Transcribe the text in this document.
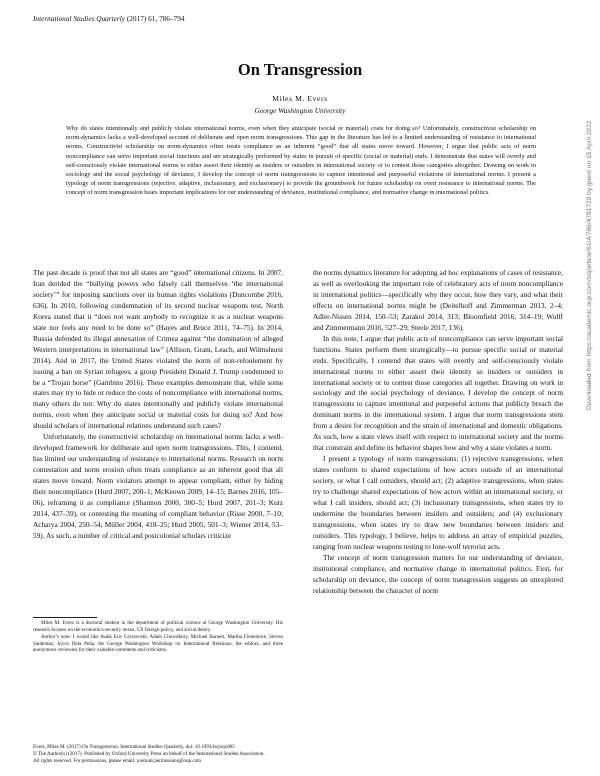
International Studies Quarterly (2017) 61, 786–794
On Transgression
Miles M. Evers
George Washington University
Why do states intentionally and publicly violate international norms, even when they anticipate (social or material) costs for doing so? Unfortunately, constructivist scholarship on norm-dynamics lacks a well-developed account of deliberate and open norm transgressions. This gap in the literature has led to a limited understanding of resistance to international norms. Constructivist scholarship on norm-dynamics often treats compliance as an inherent “good” that all states move toward. However, I argue that public acts of norm noncompliance can serve important social functions and are strategically performed by states in pursuit of specific (social or material) ends. I demonstrate that states will overtly and self-consciously violate international norms to either assert their identity as insiders or outsiders in international society or to contest those categories altogether. Drawing on work in sociology and the social psychology of deviance, I develop the concept of norm transgressions to capture intentional and purposeful violations of international norms. I present a typology of norm transgressions (rejective, adaptive, inclusionary, and exclusionary) to provide the groundwork for future scholarship on overt resistance to international norms. The concept of norm transgression bears important implications for our understanding of deviance, institutional compliance, and normative change in international politics.

The past decade is proof that not all states are “good” international citizens. In 2007, Iran derided the “bullying powers who falsely call themselves ‘the international society’” for imposing sanctions over its human rights violations (Duncombe 2016, 636). In 2010, following condemnation of its second nuclear weapons test, North Korea stated that it “does not want anybody to recognize it as a nuclear weapons state nor feels any need to be done so” (Hayes and Bruce 2011, 74–75). In 2014, Russia defended its illegal annexation of Crimea against “the domination of alleged Western interpretations in international law” (Allison, Grant, Leach, and Wilmshurst 2014). And in 2017, the United States violated the norm of non-refoulement by issuing a ban on Syrian refugees, a group President Donald J. Trump condemned to be a “Trojan horse” (Gambino 2016). These examples demonstrate that, while some states may try to hide or reduce the costs of noncompliance with international norms, many others do not. Why do states intentionally and publicly violate international norms, even when they anticipate social or material costs for doing so? And how should scholars of international relations understand such cases?

Unfortunately, the constructivist scholarship on international norms lacks a well-developed framework for deliberate and open norm transgressions. This, I contend, has limited our understanding of resistance to international norms. Research on norm contestation and norm erosion often treats compliance as an inherent good that all states move toward. Norm violators attempt to appear compliant, either by hiding their noncompliance (Hurd 2007, 200–1; McKeown 2009, 14–15; Barnes 2016, 105–06), reframing it as compliance (Shannon 2000, 300–5; Hurd 2007, 201–3; Kutz 2014, 437–39), or contesting the meaning of compliant behavior (Risse 2000, 7–10; Acharya 2004, 250–54; Müller 2004, 418–25; Hurd 2005, 501–3; Wiener 2014, 53–59). As such, a number of critical and postcolonial scholars criticize

the norms dynamics literature for adopting ad hoc explanations of cases of resistance, as well as overlooking the important role of celebratory acts of norm noncompliance in international politics—specifically why they occur, how they vary, and what their effects on international norms might be (Deitelhoff and Zimmerman 2013, 2–4; Adler-Nissen 2014, 150–53; Zarakol 2014, 313; Bloomfield 2016, 314–19; Wolff and Zimmermann 2016, 527–29; Steele 2017, 136).

In this note, I argue that public acts of noncompliance can serve important social functions. States perform them strategically—to pursue specific social or material ends. Specifically, I contend that states will overtly and self-consciously violate international norms to either assert their identity as insiders or outsiders in international society or to contest those categories all together. Drawing on work in sociology and the social psychology of deviance, I develop the concept of norm transgressions to capture intentional and purposeful actions that publicly breach the dominant norms in the international system. I argue that norm transgressions stem from a desire for recognition and the strain of international and domestic obligations. As such, how a state views itself with respect to international society and the norms that constrain and define its behavior shapes how and why a state violates a norm.

I present a typology of norm transgressions: (1) rejective transgressions, when states conform to shared expectations of how actors outside of an international society, or what I call outsiders, should act; (2) adaptive transgressions, when states try to challenge shared expectations of how actors within an international society, or what I call insiders, should act; (3) inclusionary transgressions, when states try to undermine the boundaries between insiders and outsiders; and (4) exclusionary transgressions, when states try to draw new boundaries between insiders and outsiders. This typology, I believe, helps to address an array of empirical puzzles, ranging from nuclear weapons testing to lone-wolf terrorist acts.

The concept of norm transgression matters for our understanding of deviance, institutional compliance, and normative change in international politics. First, for scholarship on deviance, the concept of norm transgression suggests an unexplored relationship between the character of norm

Miles M. Evers is a doctoral student in the department of political science at George Washington University. His research focuses on the economics-security nexus, US foreign policy, and social theory.

Author’s note: I would like thank Eric Grynaviski, Adam Chowdhury, Michael Barnett, Martha Finnemore, Steven Saideman, Joyce Dela Peña, the George Washington Workshop on International Relations, the editors, and three anonymous reviewers for their valuable comments and criticisms.

Evers, Miles M. (2017) On Transgression. International Studies Quarterly, doi: 10.1093/isq/sqx065
© The Author(s) (2017). Published by Oxford University Press on behalf of the International Studies Association.
All rights reserved. For permissions, please email: journals.permissions@oup.com
Downloaded from https://academic.oup.com/isq/article/61/4/786/4781729 by guest on 15 April 2022
